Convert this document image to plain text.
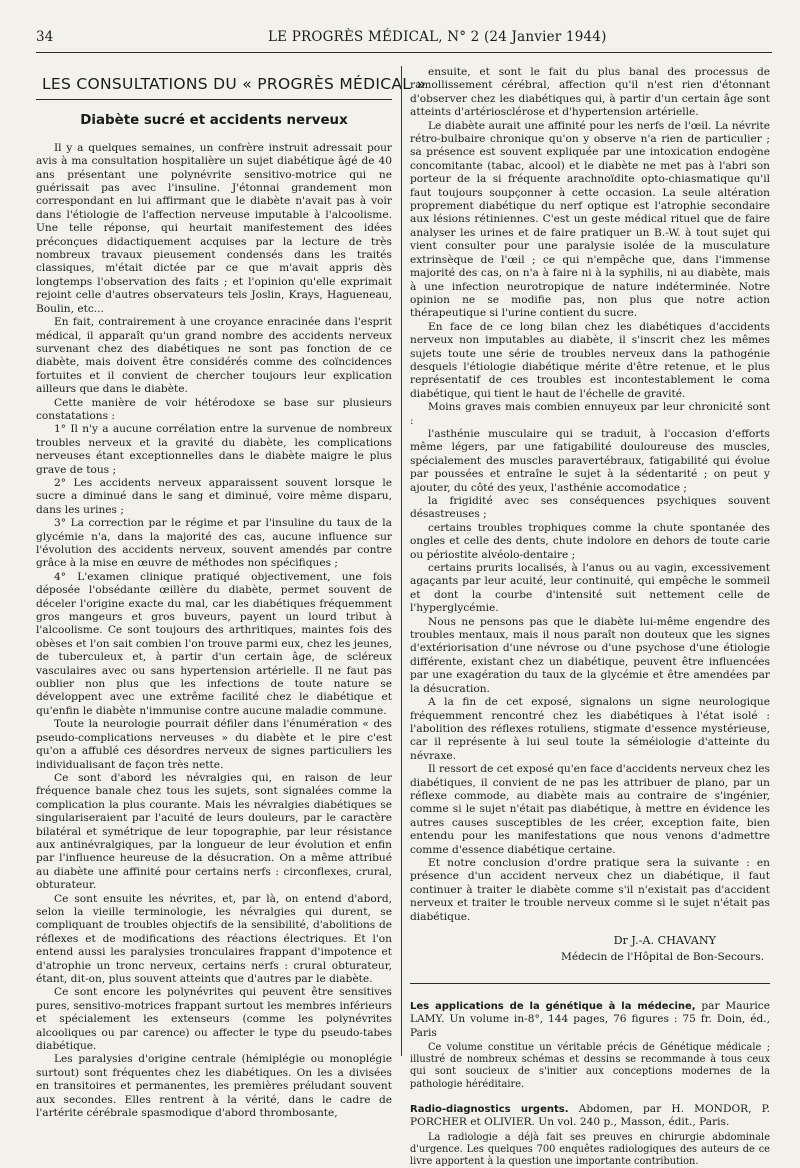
34	LE PROGRÈS MÉDICAL, N° 2 (24 Janvier 1944)
LES CONSULTATIONS DU « PROGRÈS MÉDICAL »
Diabète sucré et accidents nerveux

Il y a quelques semaines, un confrère instruit adressait pour avis à ma consultation hospitalière un sujet diabétique âgé de 40 ans présentant une polynévrite sensitivo-motrice qui ne guérissait pas avec l'insuline. J'étonnai grandement mon correspondant en lui affirmant que le diabète n'avait pas à voir dans l'étiologie de l'affection nerveuse imputable à l'alcoolisme. Une telle réponse, qui heurtait manifestement des idées préconçues didactiquement acquises par la lecture de très nombreux travaux pieusement condensés dans les traités classiques, m'était dictée par ce que m'avait appris dès longtemps l'observation des faits ; et l'opinion qu'elle exprimait rejoint celle d'autres observateurs tels Joslin, Krays, Hagueneau, Boulin, etc...

En fait, contrairement à une croyance enracinée dans l'esprit médical, il apparaît qu'un grand nombre des accidents nerveux survenant chez des diabétiques ne sont pas fonction de ce diabète, mais doivent être considérés comme des coïncidences fortuites et il convient de chercher toujours leur explication ailleurs que dans le diabète.

Cette manière de voir hétérodoxe se base sur plusieurs constatations :

1° Il n'y a aucune corrélation entre la survenue de nombreux troubles nerveux et la gravité du diabète, les complications nerveuses étant exceptionnelles dans le diabète maigre le plus grave de tous ;

2° Les accidents nerveux apparaissent souvent lorsque le sucre a diminué dans le sang et diminué, voire même disparu, dans les urines ;

3° La correction par le régime et par l'insuline du taux de la glycémie n'a, dans la majorité des cas, aucune influence sur l'évolution des accidents nerveux, souvent amendés par contre grâce à la mise en œuvre de méthodes non spécifiques ;

4° L'examen clinique pratiqué objectivement, une fois déposée l'obsédante œillère du diabète, permet souvent de déceler l'origine exacte du mal, car les diabétiques fréquemment gros mangeurs et gros buveurs, payent un lourd tribut à l'alcoolisme. Ce sont toujours des arthritiques, maintes fois des obèses et l'on sait combien l'on trouve parmi eux, chez les jeunes, de tuberculeux et, à partir d'un certain âge, de scléreux vasculaires avec ou sans hypertension artérielle. Il ne faut pas oublier non plus que les infections de toute nature se développent avec une extrême facilité chez le diabétique et qu'enfin le diabète n'immunise contre aucune maladie commune.

Toute la neurologie pourrait défiler dans l'énumération « des pseudo-complications nerveuses » du diabète et le pire c'est qu'on a affublé ces désordres nerveux de signes particuliers les individualisant de façon très nette.

Ce sont d'abord les névralgies qui, en raison de leur fréquence banale chez tous les sujets, sont signalées comme la complication la plus courante. Mais les névralgies diabétiques se singulariseraient par l'acuité de leurs douleurs, par le caractère bilatéral et symétrique de leur topographie, par leur résistance aux antinévralgiques, par la longueur de leur évolution et enfin par l'influence heureuse de la désucration. On a même attribué au diabète une affinité pour certains nerfs : circonflexes, crural, obturateur.

Ce sont ensuite les névrites, et, par là, on entend d'abord, selon la vieille terminologie, les névralgies qui durent, se compliquant de troubles objectifs de la sensibilité, d'abolitions de réflexes et de modifications des réactions électriques. Et l'on entend aussi les paralysies tronculaires frappant d'impotence et d'atrophie un tronc nerveux, certains nerfs : crural obturateur, étant, dit-on, plus souvent atteints que d'autres par le diabète.

Ce sont encore les polynévrites qui peuvent être sensitives pures, sensitivo-motrices frappant surtout les membres inférieurs et spécialement les extenseurs (comme les polynévrites alcooliques ou par carence) ou affecter le type du pseudo-tabes diabétique.

Les paralysies d'origine centrale (hémiplégie ou monoplégie surtout) sont fréquentes chez les diabétiques. On les a divisées en transitoires et permanentes, les premières préludant souvent aux secondes. Elles rentrent à la vérité, dans le cadre de l'artérite cérébrale spasmodique d'abord thrombosante,

ensuite, et sont le fait du plus banal des processus de ramollissement cérébral, affection qu'il n'est rien d'étonnant d'observer chez les diabétiques qui, à partir d'un certain âge sont atteints d'artériosclérose et d'hypertension artérielle.

Le diabète aurait une affinité pour les nerfs de l'œil. La névrite rétro-bulbaire chronique qu'on y observe n'a rien de particulier ; sa présence est souvent expliquée par une intoxication endogène concomitante (tabac, alcool) et le diabète ne met pas à l'abri son porteur de la si fréquente arachnoïdite opto-chiasmatique qu'il faut toujours soupçonner à cette occasion. La seule altération proprement diabétique du nerf optique est l'atrophie secondaire aux lésions rétiniennes. C'est un geste médical rituel que de faire analyser les urines et de faire pratiquer un B.-W. à tout sujet qui vient consulter pour une paralysie isolée de la musculature extrinsèque de l'œil ; ce qui n'empêche que, dans l'immense majorité des cas, on n'a à faire ni à la syphilis, ni au diabète, mais à une infection neurotropique de nature indéterminée. Notre opinion ne se modifie pas, non plus que notre action thérapeutique si l'urine contient du sucre.

En face de ce long bilan chez les diabétiques d'accidents nerveux non imputables au diabète, il s'inscrit chez les mêmes sujets toute une série de troubles nerveux dans la pathogénie desquels l'étiologie diabétique mérite d'être retenue, et le plus représentatif de ces troubles est incontestablement le coma diabétique, qui tient le haut de l'échelle de gravité.

Moins graves mais combien ennuyeux par leur chronicité sont :

l'asthénie musculaire qui se traduit, à l'occasion d'efforts même légers, par une fatigabilité douloureuse des muscles, spécialement des muscles paravertébraux, fatigabilité qui évolue par poussées et entraîne le sujet à la sédentarité ; on peut y ajouter, du côté des yeux, l'asthénie accomodatice ;

la frigidité avec ses conséquences psychiques souvent désastreuses ;

certains troubles trophiques comme la chute spontanée des ongles et celle des dents, chute indolore en dehors de toute carie ou périostite alvéolo-dentaire ;

certains prurits localisés, à l'anus ou au vagin, excessivement agaçants par leur acuité, leur continuité, qui empêche le sommeil et dont la courbe d'intensité suit nettement celle de l'hyperglycémie.

Nous ne pensons pas que le diabète lui-même engendre des troubles mentaux, mais il nous paraît non douteux que les signes d'extériorisation d'une névrose ou d'une psychose d'une étiologie différente, existant chez un diabétique, peuvent être influencées par une exagération du taux de la glycémie et être amendées par la désucration.

A la fin de cet exposé, signalons un signe neurologique fréquemment rencontré chez les diabétiques à l'état isolé : l'abolition des réflexes rotuliens, stigmate d'essence mystérieuse, car il représente à lui seul toute la séméiologie d'atteinte du névraxe.

Il ressort de cet exposé qu'en face d'accidents nerveux chez les diabétiques, il convient de ne pas les attribuer de plano, par un réflexe commode, au diabète mais au contraire de s'ingénier, comme si le sujet n'était pas diabétique, à mettre en évidence les autres causes susceptibles de les créer, exception faite, bien entendu pour les manifestations que nous venons d'admettre comme d'essence diabétique certaine.

Et notre conclusion d'ordre pratique sera la suivante : en présence d'un accident nerveux chez un diabétique, il faut continuer à traiter le diabète comme s'il n'existait pas d'accident nerveux et traiter le trouble nerveux comme si le sujet n'était pas diabétique.

Dr J.-A. CHAVANY
Médecin de l'Hôpital de Bon-Secours.

Les applications de la génétique à la médecine, par Maurice LAMY. Un volume in-8°, 144 pages, 76 figures : 75 fr. Doin, éd., Paris

Ce volume constitue un véritable précis de Génétique médicale ; illustré de nombreux schémas et dessins se recommande à tous ceux qui sont soucieux de s'initier aux conceptions modernes de la pathologie héréditaire.

Radio-diagnostics urgents. Abdomen, par H. MONDOR, P. PORCHER et OLIVIER. Un vol. 240 p., Masson, édit., Paris.

La radiologie a déjà fait ses preuves en chirurgie abdominale d'urgence. Les quelques 700 enquêtes radiologiques des auteurs de ce livre apportent à la question une importante contribution.
